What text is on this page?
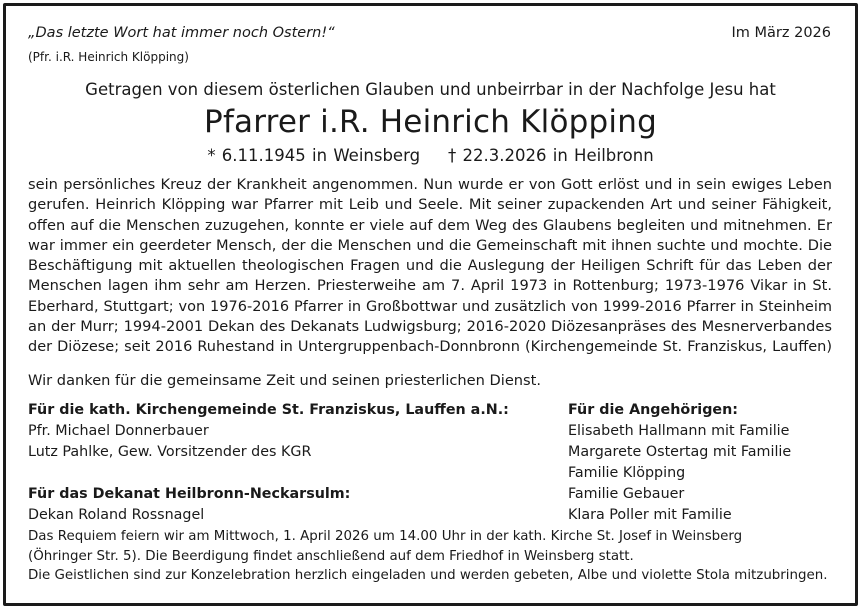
„Das letzte Wort hat immer noch Ostern!“
(Pfr. i.R. Heinrich Klöpping)
Im März 2026
Getragen von diesem österlichen Glauben und unbeirrbar in der Nachfolge Jesu hat
Pfarrer i.R. Heinrich Klöpping
* 6.11.1945 in Weinsberg † 22.3.2026 in Heilbronn
sein persönliches Kreuz der Krankheit angenommen. Nun wurde er von Gott erlöst und in sein ewiges Leben
gerufen. Heinrich Klöpping war Pfarrer mit Leib und Seele. Mit seiner zupackenden Art und seiner Fähigkeit,
offen auf die Menschen zuzugehen, konnte er viele auf dem Weg des Glaubens begleiten und mitnehmen. Er
war immer ein geerdeter Mensch, der die Menschen und die Gemeinschaft mit ihnen suchte und mochte. Die
Beschäftigung mit aktuellen theologischen Fragen und die Auslegung der Heiligen Schrift für das Leben der
Menschen lagen ihm sehr am Herzen. Priesterweihe am 7. April 1973 in Rottenburg; 1973-1976 Vikar in St.
Eberhard, Stuttgart; von 1976-2016 Pfarrer in Großbottwar und zusätzlich von 1999-2016 Pfarrer in Steinheim
an der Murr; 1994-2001 Dekan des Dekanats Ludwigsburg; 2016-2020 Diözesanpräses des Mesnerverbandes
der Diözese; seit 2016 Ruhestand in Untergruppenbach-Donnbronn (Kirchengemeinde St. Franziskus, Lauffen)
Wir danken für die gemeinsame Zeit und seinen priesterlichen Dienst.
Für die kath. Kirchengemeinde St. Franziskus, Lauffen a.N.:
Pfr. Michael Donnerbauer
Lutz Pahlke, Gew. Vorsitzender des KGR
Für das Dekanat Heilbronn-Neckarsulm:
Dekan Roland Rossnagel
Für die Angehörigen:
Elisabeth Hallmann mit Familie
Margarete Ostertag mit Familie
Familie Klöpping
Familie Gebauer
Klara Poller mit Familie
Das Requiem feiern wir am Mittwoch, 1. April 2026 um 14.00 Uhr in der kath. Kirche St. Josef in Weinsberg
(Öhringer Str. 5). Die Beerdigung findet anschließend auf dem Friedhof in Weinsberg statt.
Die Geistlichen sind zur Konzelebration herzlich eingeladen und werden gebeten, Albe und violette Stola mitzubringen.
